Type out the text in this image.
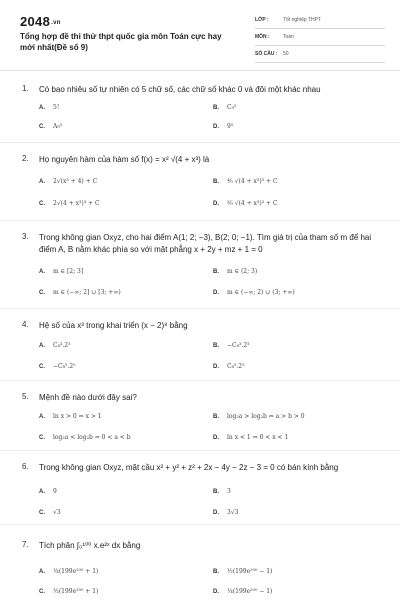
2048.vn
Tổng hợp đề thi thử thpt quốc gia môn Toán cực hay mới nhất(Đề số 9)
LỚP :	Tốt nghiệp THPT
MÔN :	Toán
SỐ CÂU : 50
1. Có bao nhiêu số tự nhiên có 5 chữ số, các chữ số khác 0 và đôi một khác nhau
A. 5!	B. C₉⁵
C. A₉⁵	D. 9⁵
2. Họ nguyên hàm của hàm số f(x) = x² √(4 + x³) là
A. 2√(x³ + 4) + C	B. ⁴⁄₉ √(4 + x³)³ + C
C. 2√(4 + x³)³ + C	D. ²⁄₉ √(4 + x³)³ + C
3. Trong không gian Oxyz, cho hai điểm A(1; 2; −3), B(2; 0; −1). Tìm giá trị của tham số m để hai điểm A, B nằm khác phía so với mặt phẳng x + 2y + mz + 1 = 0
A. m ∈ [2; 3]	B. m ∈ (2; 3)
C. m ∈ (−∞; 2] ∪ [3; +∞)	D. m ∈ (−∞; 2) ∪ (3; +∞)
4. Hệ số của x³ trong khai triển (x − 2)⁸ bằng
A. C₈³.2³	B. −C₈³.2³
C. −C₈⁵.2⁵	D. C₈⁵.2⁵
5. Mệnh đề nào dưới đây sai?
A. ln x > 0 ⇔ x > 1	B. log₂a > log₂b ⇔ a > b > 0
C. log₂a < log₂b ⇔ 0 < a < b	D. ln x < 1 ⇔ 0 < x < 1
6. Trong không gian Oxyz, mặt cầu x² + y² + z² + 2x − 4y − 2z − 3 = 0 có bán kính bằng
A. 9	B. 3
C. √3	D. 3√3
7. Tích phân ∫₀¹⁰⁰ x.e²ˣ dx bằng
A. ¼(199e²⁰⁰ + 1)	B. ½(199e²⁰⁰ − 1)
C. ½(199e²⁰⁰ + 1)	D. ¼(199e²⁰⁰ − 1)
